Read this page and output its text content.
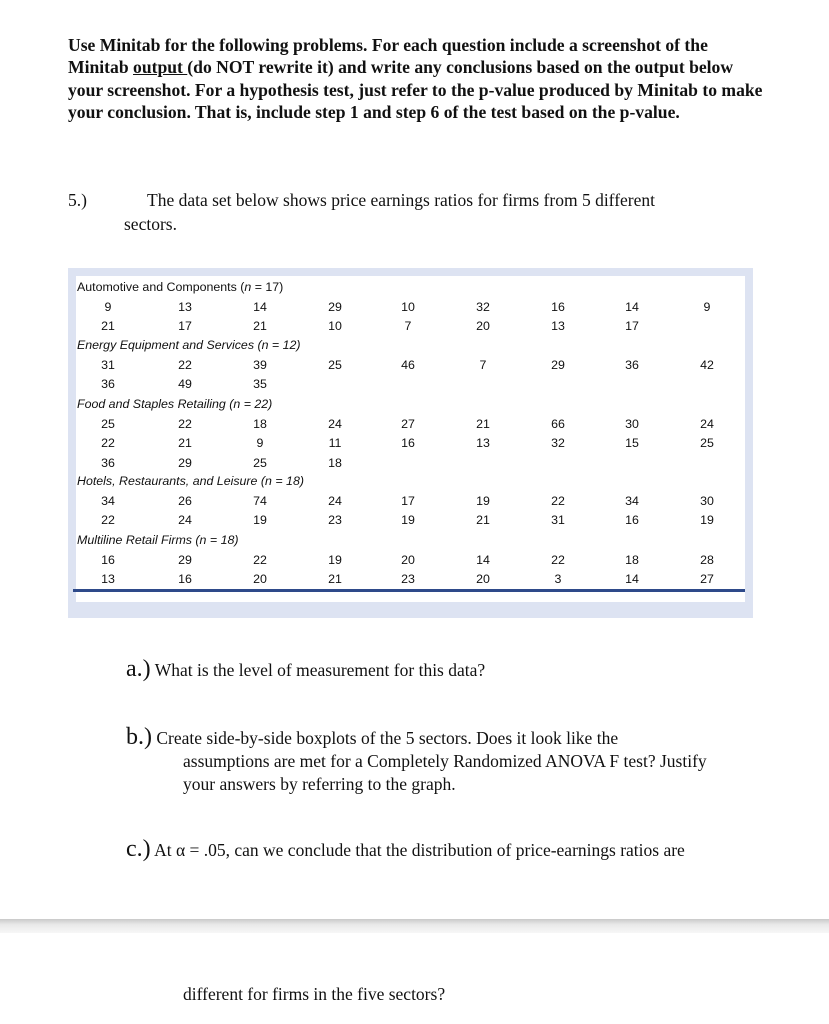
Use Minitab for the following problems. For each question include a screenshot of the Minitab output (do NOT rewrite it) and write any conclusions based on the output below your screenshot. For a hypothesis test, just refer to the p-value produced by Minitab to make your conclusion. That is, include step 1 and step 6 of the test based on the p-value.
5.)	The data set below shows price earnings ratios for firms from 5 different
sectors.
Automotive and Components (n = 17)
9	13	14	29	10	32	16	14	9
21	17	21	10	7	20	13	17
Energy Equipment and Services (n = 12)
31	22	39	25	46	7	29	36	42
36	49	35
Food and Staples Retailing (n = 22)
25	22	18	24	27	21	66	30	24
22	21	9	11	16	13	32	15	25
36	29	25	18
Hotels, Restaurants, and Leisure (n = 18)
34	26	74	24	17	19	22	34	30
22	24	19	23	19	21	31	16	19
Multiline Retail Firms (n = 18)
16	29	22	19	20	14	22	18	28
13	16	20	21	23	20	3	14	27
a.) What is the level of measurement for this data?
b.) Create side-by-side boxplots of the 5 sectors. Does it look like the
assumptions are met for a Completely Randomized ANOVA F test? Justify
your answers by referring to the graph.
c.) At α = .05, can we conclude that the distribution of price-earnings ratios are
different for firms in the five sectors?
